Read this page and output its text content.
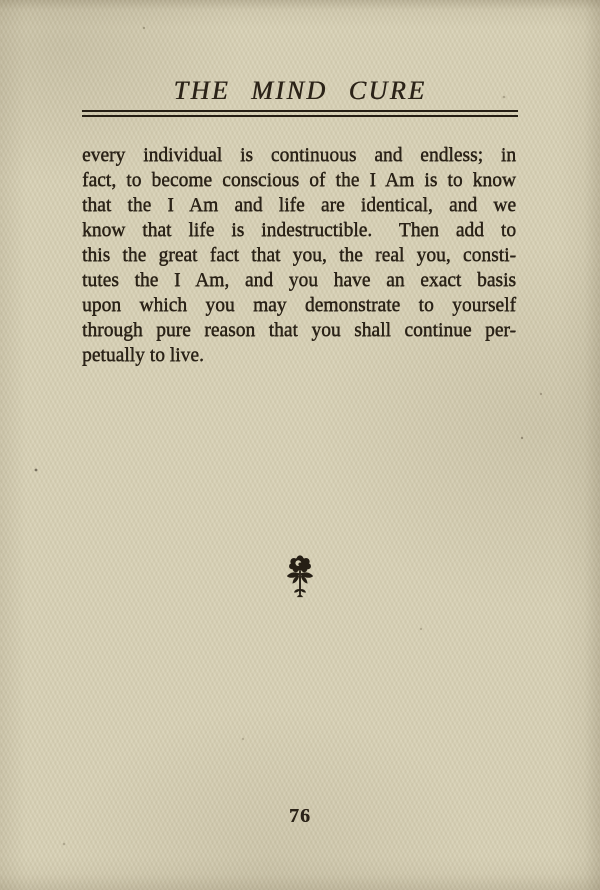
THE MIND CURE
every individual is continuous and endless; in
fact, to become conscious of the I Am is to know
that the I Am and life are identical, and we
know that life is indestructible.  Then add to
this the great fact that you, the real you, consti-
tutes the I Am, and you have an exact basis
upon which you may demonstrate to yourself
through pure reason that you shall continue per-
petually to live.
76
